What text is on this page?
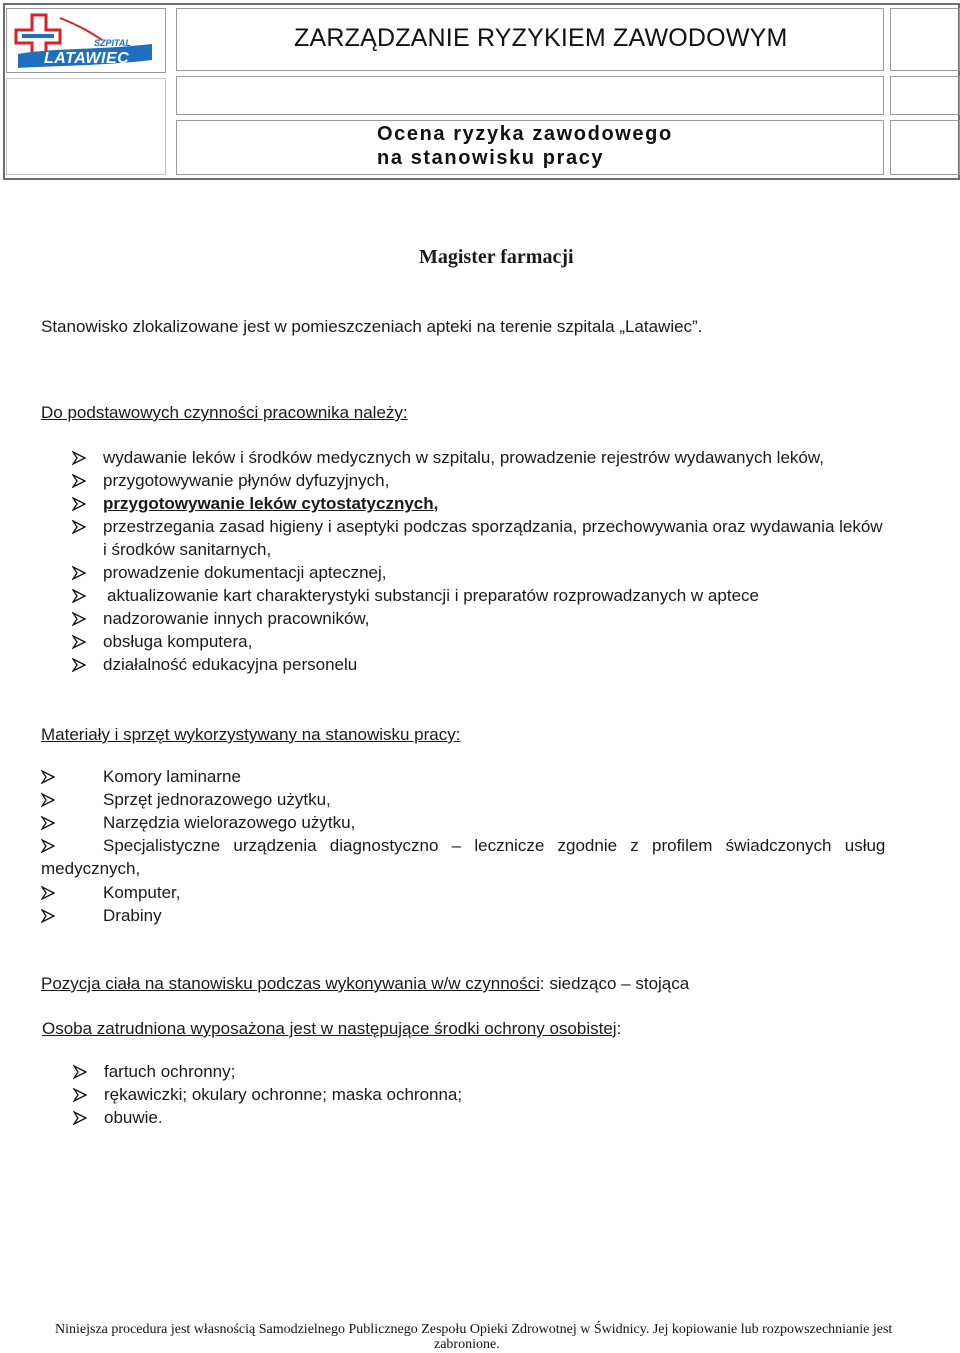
SZPITAL
LATAWIEC
ZARZĄDZANIE RYZYKIEM ZAWODOWYM
Ocena ryzyka zawodowego
na stanowisku pracy
Magister farmacji
Stanowisko zlokalizowane jest w pomieszczeniach apteki na terenie szpitala „Latawiec”.
Do podstawowych czynności pracownika należy:
wydawanie leków i środków medycznych w szpitalu, prowadzenie rejestrów wydawanych leków,
przygotowywanie płynów dyfuzyjnych,
przygotowywanie leków cytostatycznych,
przestrzegania zasad higieny i aseptyki podczas sporządzania, przechowywania oraz wydawania leków
i środków sanitarnych,
prowadzenie dokumentacji aptecznej,
aktualizowanie kart charakterystyki substancji i preparatów rozprowadzanych w aptece
nadzorowanie innych pracowników,
obsługa komputera,
działalność edukacyjna personelu
Materiały i sprzęt wykorzystywany na stanowisku pracy:
Komory laminarne
Sprzęt jednorazowego użytku,
Narzędzia wielorazowego użytku,
Specjalistyczne urządzenia diagnostyczno – lecznicze zgodnie z profilem świadczonych usług
medycznych,
Komputer,
Drabiny
Pozycja ciała na stanowisku podczas wykonywania w/w czynności: siedząco – stojąca
Osoba zatrudniona wyposażona jest w następujące środki ochrony osobistej:
fartuch ochronny;
rękawiczki; okulary ochronne; maska ochronna;
obuwie.
Niniejsza procedura jest własnością Samodzielnego Publicznego Zespołu Opieki Zdrowotnej w Świdnicy. Jej kopiowanie lub rozpowszechnianie jest
zabronione.
